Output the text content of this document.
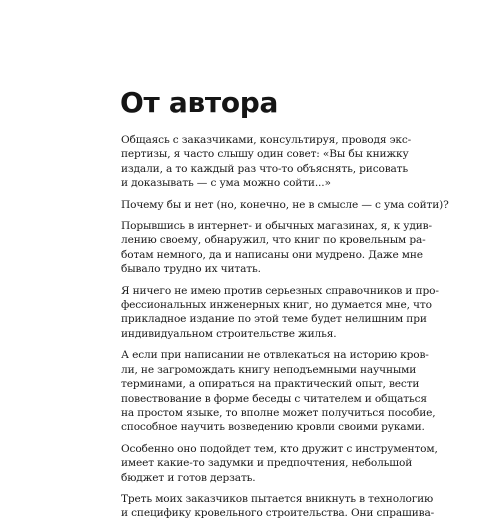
От автора

Общаясь с заказчиками, консультируя, проводя экс-
пертизы, я часто слышу один совет: «Вы бы книжку
издали, а то каждый раз что-то объяснять, рисовать
и доказывать — с ума можно сойти...»

Почему бы и нет (но, конечно, не в смысле — с ума сойти)?

Порывшись в интернет- и обычных магазинах, я, к удив-
лению своему, обнаружил, что книг по кровельным ра-
ботам немного, да и написаны они мудрено. Даже мне
бывало трудно их читать.

Я ничего не имею против серьезных справочников и про-
фессиональных инженерных книг, но думается мне, что
прикладное издание по этой теме будет нелишним при
индивидуальном строительстве жилья.

А если при написании не отвлекаться на историю кров-
ли, не загромождать книгу неподъемными научными
терминами, а опираться на практический опыт, вести
повествование в форме беседы с читателем и общаться
на простом языке, то вполне может получиться пособие,
способное научить возведению кровли своими руками.

Особенно оно подойдет тем, кто дружит с инструментом,
имеет какие-то задумки и предпочтения, небольшой
бюджет и готов дерзать.

Треть моих заказчиков пытается вникнуть в технологию
и специфику кровельного строительства. Они спрашива-
